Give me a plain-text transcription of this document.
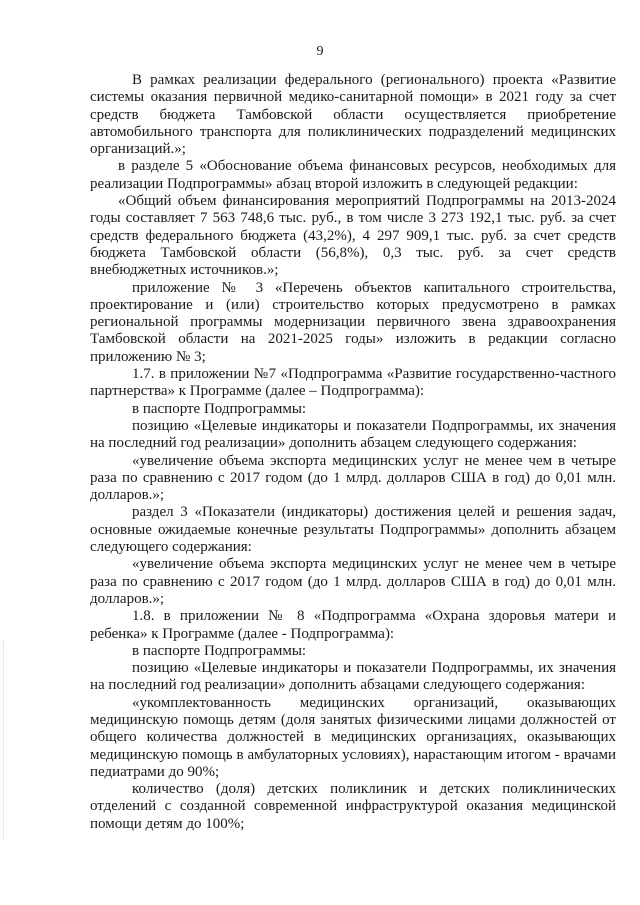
9

В рамках реализации федерального (регионального) проекта «Развитие системы оказания первичной медико-санитарной помощи» в 2021 году за счет средств бюджета Тамбовской области осуществляется приобретение автомобильного транспорта для поликлинических подразделений медицинских организаций.»;

в разделе 5 «Обоснование объема финансовых ресурсов, необходимых для реализации Подпрограммы» абзац второй изложить в следующей редакции:

«Общий объем финансирования мероприятий Подпрограммы на 2013-2024 годы составляет 7 563 748,6 тыс. руб., в том числе 3 273 192,1 тыс. руб. за счет средств федерального бюджета (43,2%), 4 297 909,1 тыс. руб. за счет средств бюджета Тамбовской области (56,8%), 0,3 тыс. руб. за счет средств внебюджетных источников.»;

приложение № 3 «Перечень объектов капитального строительства, проектирование и (или) строительство которых предусмотрено в рамках региональной программы модернизации первичного звена здравоохранения Тамбовской области на 2021-2025 годы» изложить в редакции согласно приложению № 3;

1.7. в приложении №7 «Подпрограмма «Развитие государственно-частного партнерства» к Программе (далее – Подпрограмма):

в паспорте Подпрограммы:

позицию «Целевые индикаторы и показатели Подпрограммы, их значения на последний год реализации» дополнить абзацем следующего содержания:

«увеличение объема экспорта медицинских услуг не менее чем в четыре раза по сравнению с 2017 годом (до 1 млрд. долларов США в год) до 0,01 млн. долларов.»;

раздел 3 «Показатели (индикаторы) достижения целей и решения задач, основные ожидаемые конечные результаты Подпрограммы» дополнить абзацем следующего содержания:

«увеличение объема экспорта медицинских услуг не менее чем в четыре раза по сравнению с 2017 годом (до 1 млрд. долларов США в год) до 0,01 млн. долларов.»;

1.8. в приложении № 8 «Подпрограмма «Охрана здоровья матери и ребенка» к Программе (далее - Подпрограмма):

в паспорте Подпрограммы:

позицию «Целевые индикаторы и показатели Подпрограммы, их значения на последний год реализации» дополнить абзацами следующего содержания:

«укомплектованность медицинских организаций, оказывающих медицинскую помощь детям (доля занятых физическими лицами должностей от общего количества должностей в медицинских организациях, оказывающих медицинскую помощь в амбулаторных условиях), нарастающим итогом - врачами педиатрами до 90%;

количество (доля) детских поликлиник и детских поликлинических отделений с созданной современной инфраструктурой оказания медицинской помощи детям до 100%;
